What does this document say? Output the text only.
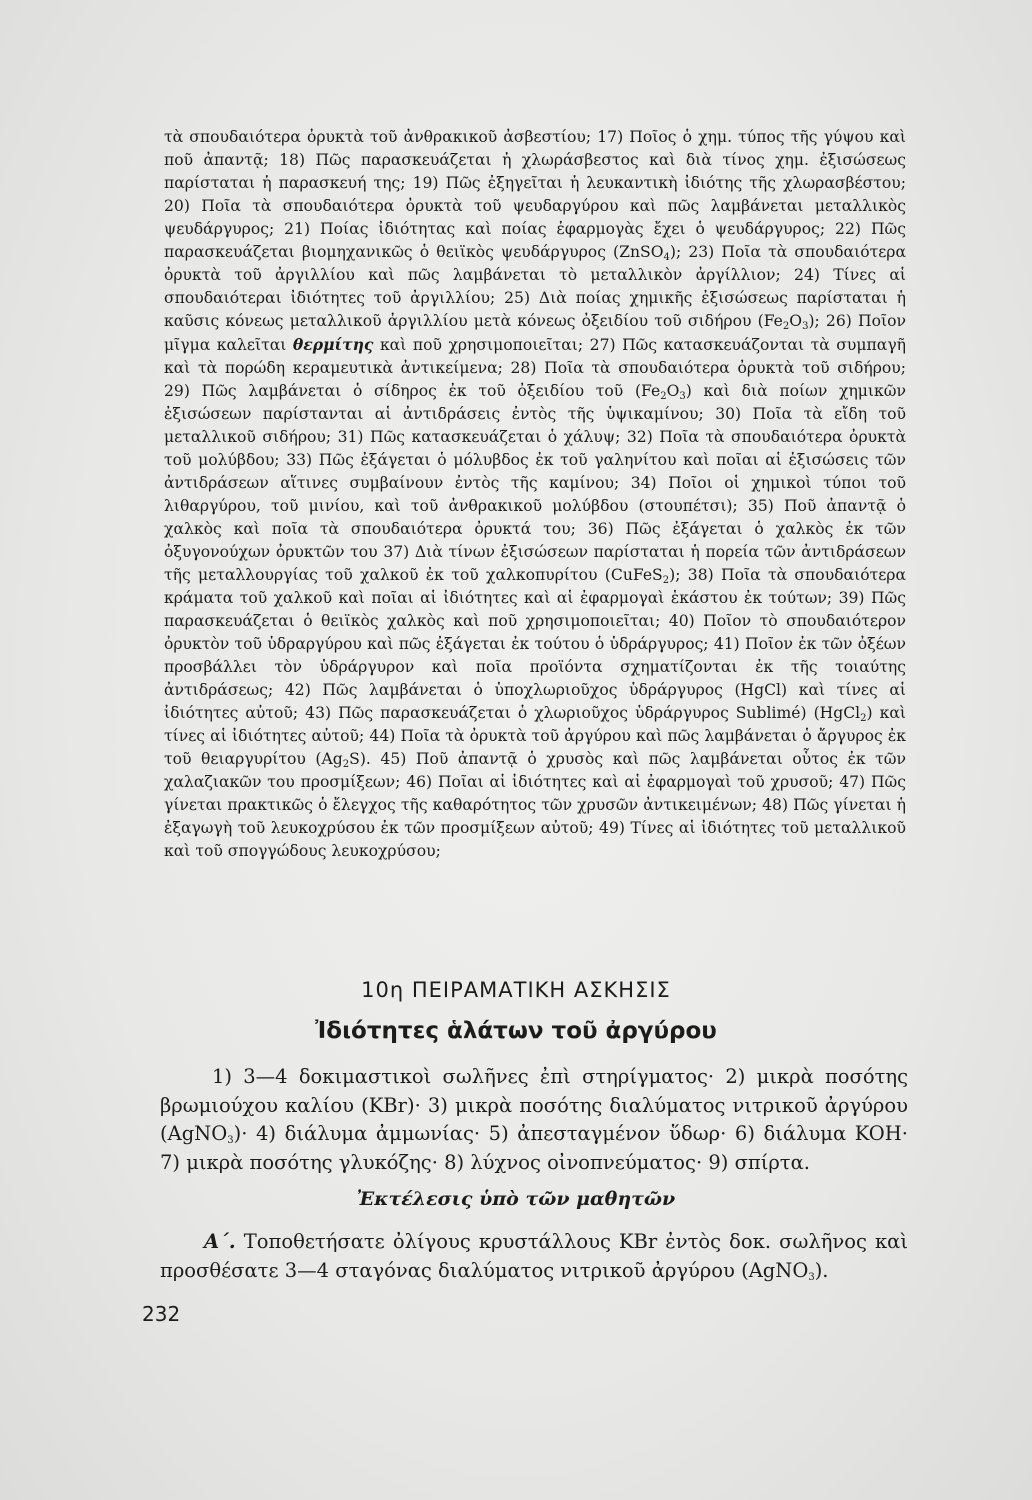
τὰ σπουδαιότερα ὀρυκτὰ τοῦ ἀνθρακικοῦ ἀσβεστίου; 17) Ποῖος ὁ χημ. τύπος τῆς γύψου καὶ ποῦ ἀπαντᾷ; 18) Πῶς παρασκευάζεται ἡ χλωράσβεστος καὶ διὰ τίνος χημ. ἐξισώσεως παρίσταται ἡ παρασκευή της; 19) Πῶς ἐξηγεῖται ἡ λευκαντικὴ ἰδιότης τῆς χλωρασβέστου; 20) Ποῖα τὰ σπουδαιότερα ὀρυκτὰ τοῦ ψευδαργύρου καὶ πῶς λαμβάνεται μεταλλικὸς ψευδάργυρος; 21) Ποίας ἰδιότητας καὶ ποίας ἐφαρμογὰς ἔχει ὁ ψευδάργυρος; 22) Πῶς παρασκευάζεται βιομηχανικῶς ὁ θειϊκὸς ψευδάργυρος (ZnSO$_4$); 23) Ποῖα τὰ σπουδαιότερα ὀρυκτὰ τοῦ ἀργιλλίου καὶ πῶς λαμβάνεται τὸ μεταλλικὸν ἀργίλλιον; 24) Τίνες αἱ σπουδαιότεραι ἰδιότητες τοῦ ἀργιλλίου; 25) Διὰ ποίας χημικῆς ἐξισώσεως παρίσταται ἡ καῦσις κόνεως μεταλλικοῦ ἀργιλλίου μετὰ κόνεως ὀξειδίου τοῦ σιδήρου $(Fe_2O_3)$; 26) Ποῖον μῖγμα καλεῖται θερμίτης καὶ ποῦ χρησιμοποιεῖται; 27) Πῶς κατασκευάζονται τὰ συμπαγῆ καὶ τὰ πορώδη κεραμευτικὰ ἀντικείμενα; 28) Ποῖα τὰ σπουδαιότερα ὀρυκτὰ τοῦ σιδήρου; 29) Πῶς λαμβάνεται ὁ σίδηρος ἐκ τοῦ ὀξειδίου τοῦ $(Fe_2O_3)$ καὶ διὰ ποίων χημικῶν ἐξισώσεων παρίστανται αἱ ἀντιδράσεις ἐντὸς τῆς ὑψικαμίνου; 30) Ποῖα τὰ εἴδη τοῦ μεταλλικοῦ σιδήρου; 31) Πῶς κατασκευάζεται ὁ χάλυψ; 32) Ποῖα τὰ σπουδαιότερα ὀρυκτὰ τοῦ μολύβδου; 33) Πῶς ἐξάγεται ὁ μόλυβδος ἐκ τοῦ γαληνίτου καὶ ποῖαι αἱ ἐξισώσεις τῶν ἀντιδράσεων αἵτινες συμβαίνουν ἐντὸς τῆς καμίνου; 34) Ποῖοι οἱ χημικοὶ τύποι τοῦ λιθαργύρου, τοῦ μινίου, καὶ τοῦ ἀνθρακικοῦ μολύβδου (στουπέτσι); 35) Ποῦ ἀπαντᾷ ὁ χαλκὸς καὶ ποῖα τὰ σπουδαιότερα ὀρυκτά του; 36) Πῶς ἐξάγεται ὁ χαλκὸς ἐκ τῶν ὀξυγονούχων ὀρυκτῶν του 37) Διὰ τίνων ἐξισώσεων παρίσταται ἡ πορεία τῶν ἀντιδράσεων τῆς μεταλλουργίας τοῦ χαλκοῦ ἐκ τοῦ χαλκοπυρίτου (CuFeS$_2$); 38) Ποῖα τὰ σπουδαιότερα κράματα τοῦ χαλκοῦ καὶ ποῖαι αἱ ἰδιότητες καὶ αἱ ἐφαρμογαὶ ἑκάστου ἐκ τούτων; 39) Πῶς παρασκευάζεται ὁ θειϊκὸς χαλκὸς καὶ ποῦ χρησιμοποιεῖται; 40) Ποῖον τὸ σπουδαιότερον ὀρυκτὸν τοῦ ὑδραργύρου καὶ πῶς ἐξάγεται ἐκ τούτου ὁ ὑδράργυρος; 41) Ποῖον ἐκ τῶν ὀξέων προσβάλλει τὸν ὑδράργυρον καὶ ποῖα προϊόντα σχηματίζονται ἐκ τῆς τοιαύτης ἀντιδράσεως; 42) Πῶς λαμβάνεται ὁ ὑποχλωριοῦχος ὑδράργυρος (HgCl) καὶ τίνες αἱ ἰδιότητες αὐτοῦ; 43) Πῶς παρασκευάζεται ὁ χλωριοῦχος ὑδράργυρος Sublimé) (HgCl$_2$) καὶ τίνες αἱ ἰδιότητες αὐτοῦ; 44) Ποῖα τὰ ὀρυκτὰ τοῦ ἀργύρου καὶ πῶς λαμβάνεται ὁ ἄργυρος ἐκ τοῦ θειαργυρίτου $(Ag_2S)$. 45) Ποῦ ἀπαντᾷ ὁ χρυσὸς καὶ πῶς λαμβάνεται οὗτος ἐκ τῶν χαλαζιακῶν του προσμίξεων; 46) Ποῖαι αἱ ἰδιότητες καὶ αἱ ἐφαρμογαὶ τοῦ χρυσοῦ; 47) Πῶς γίνεται πρακτικῶς ὁ ἔλεγχος τῆς καθαρότητος τῶν χρυσῶν ἀντικειμένων; 48) Πῶς γίνεται ἡ ἐξαγωγὴ τοῦ λευκοχρύσου ἐκ τῶν προσμίξεων αὐτοῦ; 49) Τίνες αἱ ἰδιότητες τοῦ μεταλλικοῦ καὶ τοῦ σπογγώδους λευκοχρύσου;

10η ΠΕΙΡΑΜΑΤΙΚΗ ΑΣΚΗΣΙΣ
Ἰδιότητες ἁλάτων τοῦ ἀργύρου

1) 3—4 δοκιμαστικοὶ σωλῆνες ἐπὶ στηρίγματος· 2) μικρὰ ποσότης βρωμιούχου καλίου (KBr)· 3) μικρὰ ποσότης διαλύματος νιτρικοῦ ἀργύρου (AgNO$_3$)· 4) διάλυμα ἀμμωνίας· 5) ἀπεσταγμένον ὕδωρ· 6) διάλυμα KOH· 7) μικρὰ ποσότης γλυκόζης· 8) λύχνος οἰνοπνεύματος· 9) σπίρτα.

Ἐκτέλεσις ὑπὸ τῶν μαθητῶν

Α΄. Τοποθετήσατε ὀλίγους κρυστάλλους KBr ἐντὸς δοκ. σωλῆνος καὶ προσθέσατε 3—4 σταγόνας διαλύματος νιτρικοῦ ἀργύρου (AgNO$_3$).

232
